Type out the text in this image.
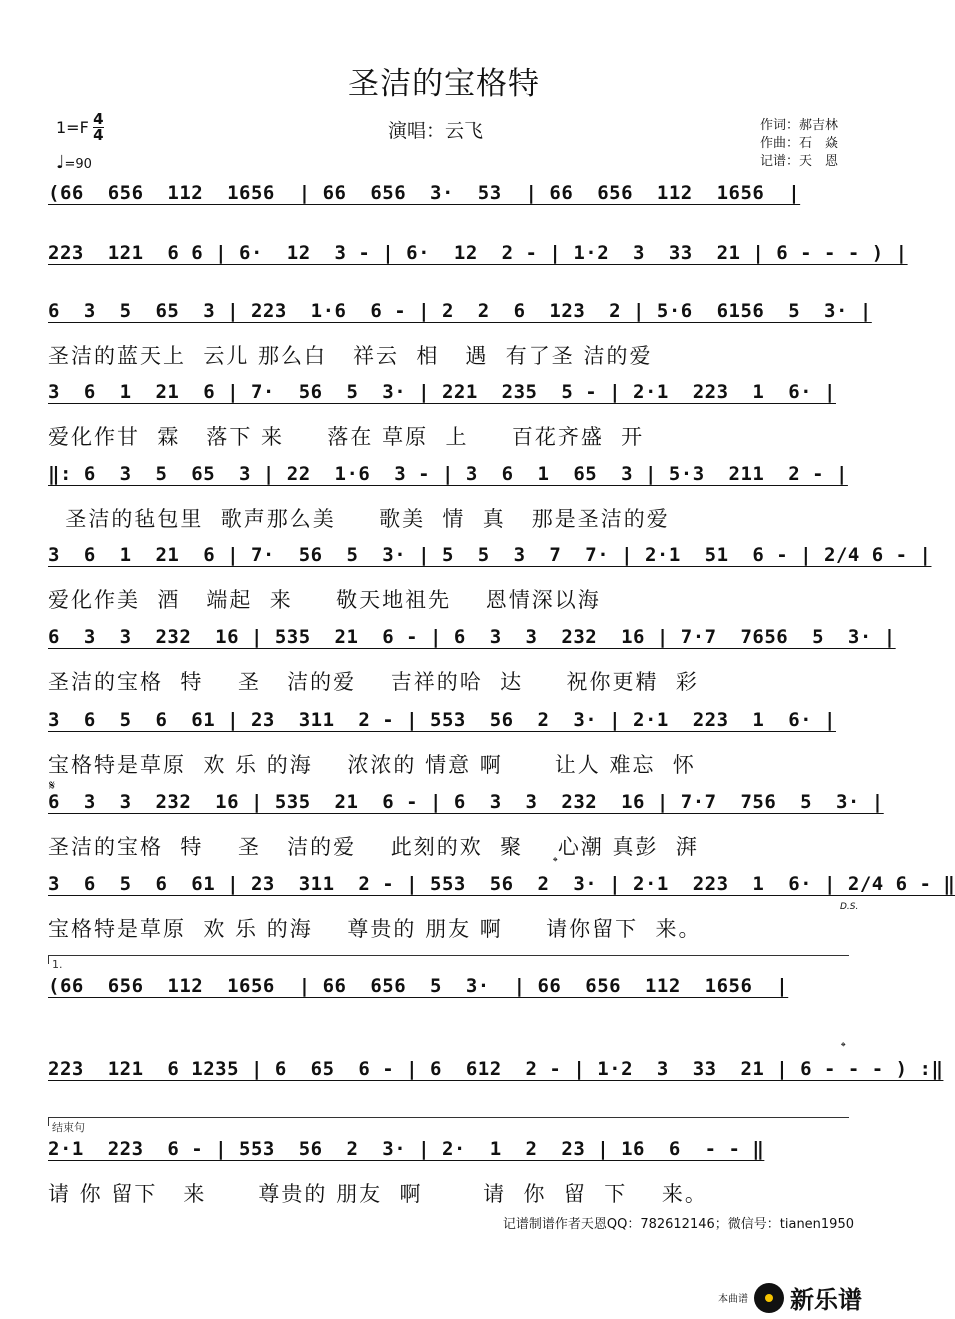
圣洁的宝格特
$1=F \frac{4}{4}$
♩=90
演唱：云飞	作词：郝吉林
作曲：石　焱
记谱：天　恩
(66  656  112  1656  | 66  656  3·  53  | 66  656  112  1656  |
223  121  6 6 | 6·  12  3 - | 6·  12  2 - | 1·2  3  33  21 | 6 - - - ) |
6  3  5  65  3 | 223  1·6  6 - | 2  2  6  123  2 | 5·6  6156  5  3· |
圣洁的蓝天上  云儿 那么白   祥云  相   遇  有了圣 洁的爱
3  6  1  21  6 | 7·  56  5  3· | 221  235  5 - | 2·1  223  1  6· |
爱化作甘  霖   落下 来     落在 草原  上     百花齐盛  开
‖: 6  3  5  65  3 | 22  1·6  3 - | 3  6  1  65  3 | 5·3  211  2 - |
圣洁的毡包里  歌声那么美     歌美  情  真   那是圣洁的爱
3  6  1  21  6 | 7·  56  5  3· | 5  5  3  7  7· | 2·1  51  6 - | 2/4 6 - |
爱化作美  酒   端起  来     敬天地祖先    恩情深以海
6  3  3  232  16 | 535  21  6 - | 6  3  3  232  16 | 7·7  7656  5  3· |
圣洁的宝格  特    圣   洁的爱    吉祥的哈  达     祝你更精  彩
3  6  5  6  61 | 23  311  2 - | 553  56  2  3· | 2·1  223  1  6· |
宝格特是草原  欢 乐 的海    浓浓的 情意 啊      让人 难忘  怀
6  3  3  232  16 | 535  21  6 - | 6  3  3  232  16 | 7·7  756  5  3· |
圣洁的宝格  特    圣   洁的爱    此刻的欢  聚    心潮 真彭  湃
3  6  5  6  61 | 23  311  2 - | 553  56  2  3· | 2·1  223  1  6· | 2/4 6 - ‖
宝格特是草原  欢 乐 的海    尊贵的 朋友 啊     请你留下  来。
1.
(66  656  112  1656  | 66  656  5  3·  | 66  656  112  1656  |
223  121  6 1235 | 6  65  6 - | 6  612  2 - | 1·2  3  33  21 | 6 - - - ) :‖
结束句
2·1  223  6 - | 553  56  2  3· | 2·  1  2  23 | 16  6  - - ‖
请 你 留下   来      尊贵的 朋友  啊       请  你  留  下    来。
𝄋
𝄌
𝄌
D.S.
记谱制谱作者天恩QQ：782612146；微信号：tianen1950
本曲谱 新乐谱
